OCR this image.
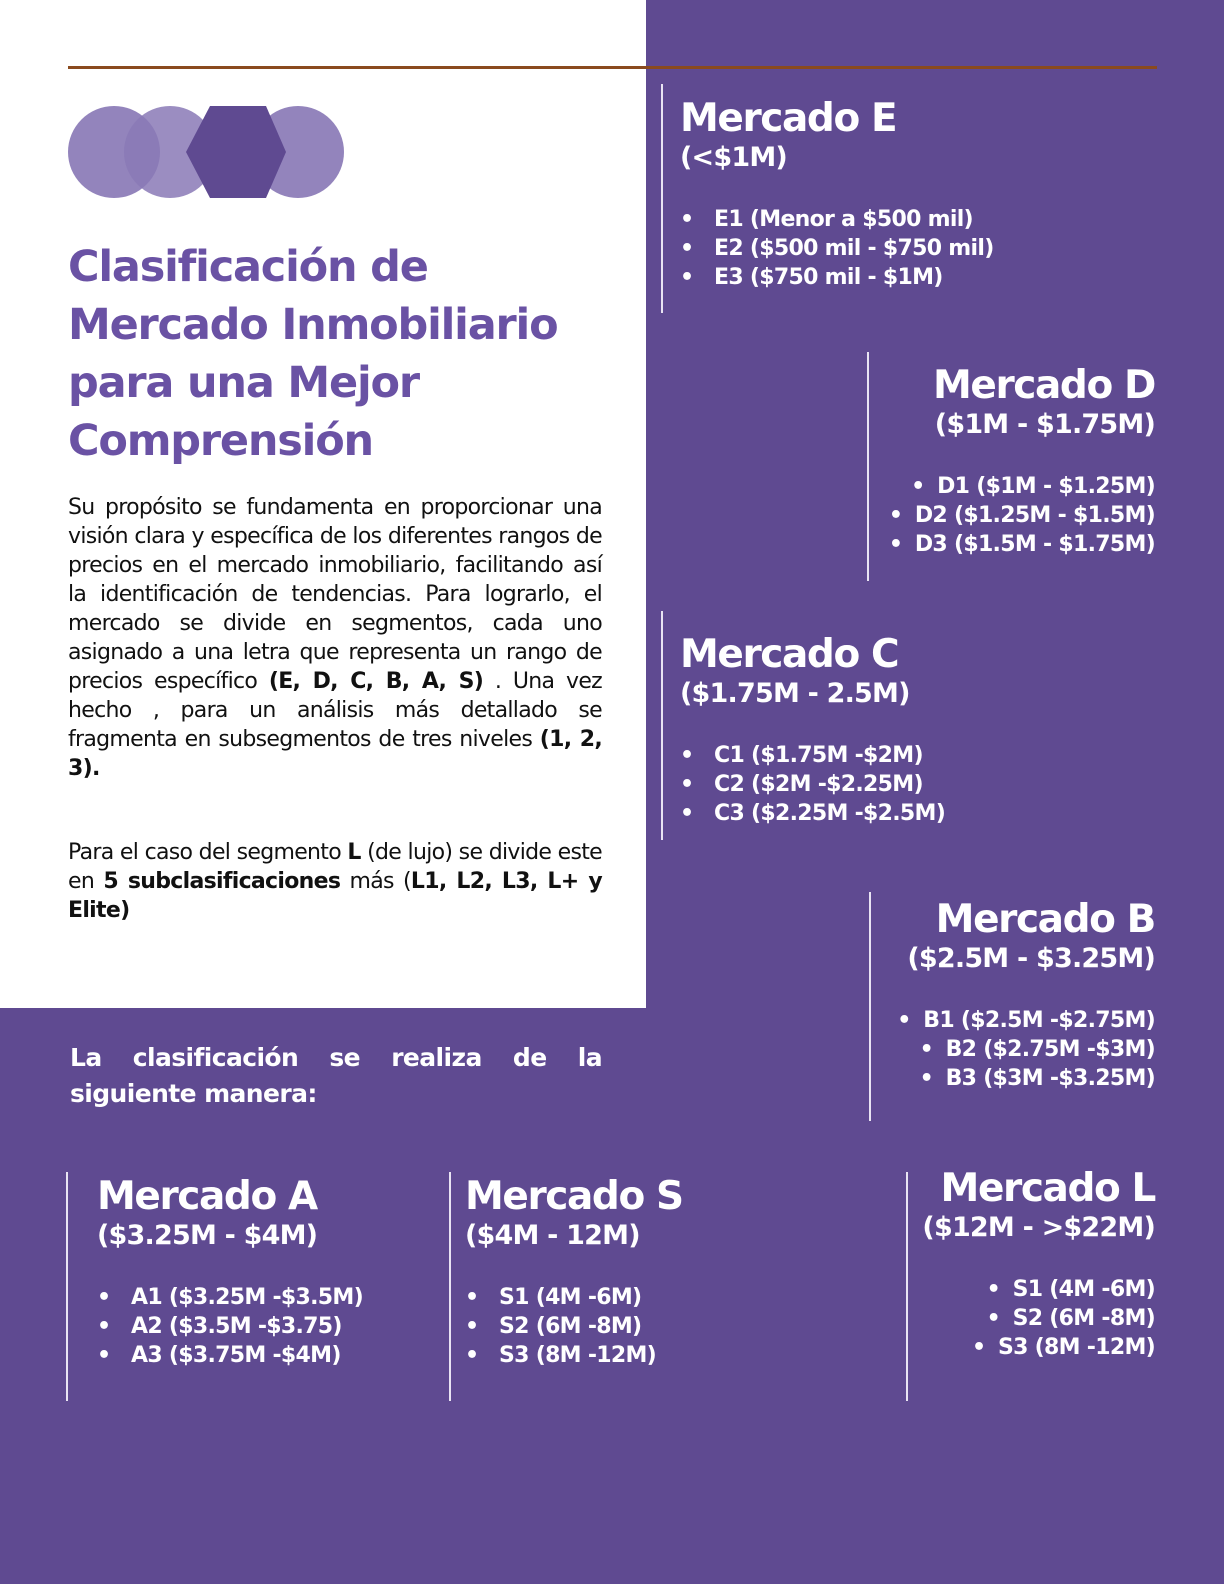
Clasificación de
Mercado Inmobiliario
para una Mejor
Comprensión

Su propósito se fundamenta en proporcionar una visión clara y específica de los diferentes rangos de precios en el mercado inmobiliario, facilitando así la identificación de tendencias. Para lograrlo, el mercado se divide en segmentos, cada uno asignado a una letra que representa un rango de precios específico (E, D, C, B, A, S) . Una vez hecho , para un análisis más detallado se fragmenta en subsegmentos de tres niveles (1, 2, 3).

Para el caso del segmento L (de lujo) se divide este en 5 subclasificaciones más (L1, L2, L3, L+ y Elite)

La clasificación se realiza de la siguiente manera:

Mercado E

(<$1M)

• E1 (Menor a $500 mil)
• E2 ($500 mil - $750 mil)
• E3 ($750 mil - $1M)
Mercado D

($1M - $1.75M)

• D1 ($1M - $1.25M)
• D2 ($1.25M - $1.5M)
• D3 ($1.5M - $1.75M)
Mercado C

($1.75M - 2.5M)

• C1 ($1.75M -$2M)
• C2 ($2M -$2.25M)
• C3 ($2.25M -$2.5M)
Mercado B

($2.5M - $3.25M)

• B1 ($2.5M -$2.75M)
• B2 ($2.75M -$3M)
• B3 ($3M -$3.25M)
Mercado A

($3.25M - $4M)

• A1 ($3.25M -$3.5M)
• A2 ($3.5M -$3.75)
• A3 ($3.75M -$4M)
Mercado S

($4M - 12M)

• S1 (4M -6M)
• S2 (6M -8M)
• S3 (8M -12M)
Mercado L

($12M - >$22M)

• S1 (4M -6M)
• S2 (6M -8M)
• S3 (8M -12M)
